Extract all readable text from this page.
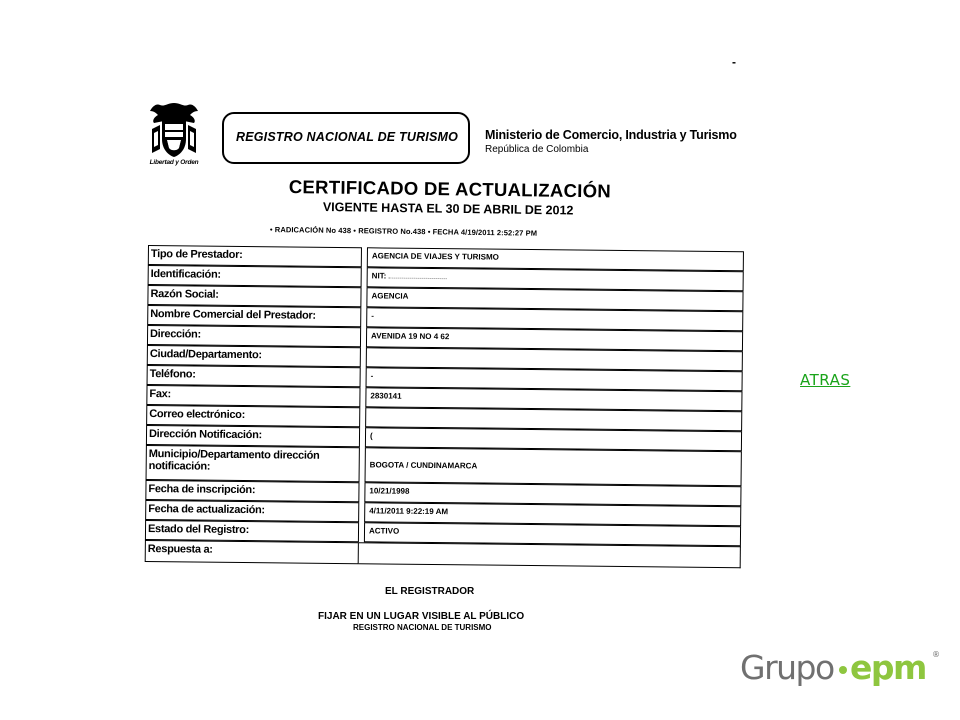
-
Libertad y Orden
REGISTRO NACIONAL DE TURISMO	Ministerio de Comercio, Industria y Turismo
República de Colombia
CERTIFICADO DE ACTUALIZACIÓN
VIGENTE HASTA EL 30 DE ABRIL DE 2012
• RADICACIÓN No 438 • REGISTRO No.438 • FECHA 4/19/2011 2:52:27 PM
Tipo de Prestador:	AGENCIA DE VIAJES Y TURISMO
Identificación:	NIT:
Razón Social:	AGENCIA
Nombre Comercial del Prestador:	-
Dirección:	AVENIDA 19 NO 4 62
Ciudad/Departamento:
Teléfono:	-
Fax:	2830141
Correo electrónico:
Dirección Notificación:	(
Municipio/Departamento dirección notificación:	BOGOTA / CUNDINAMARCA
Fecha de inscripción:	10/21/1998
Fecha de actualización:	4/11/2011 9:22:19 AM
Estado del Registro:	ACTIVO
Respuesta a:
EL REGISTRADOR
FIJAR EN UN LUGAR VISIBLE AL PÚBLICO
REGISTRO NACIONAL DE TURISMO
ATRAS
Grupo epm ®
